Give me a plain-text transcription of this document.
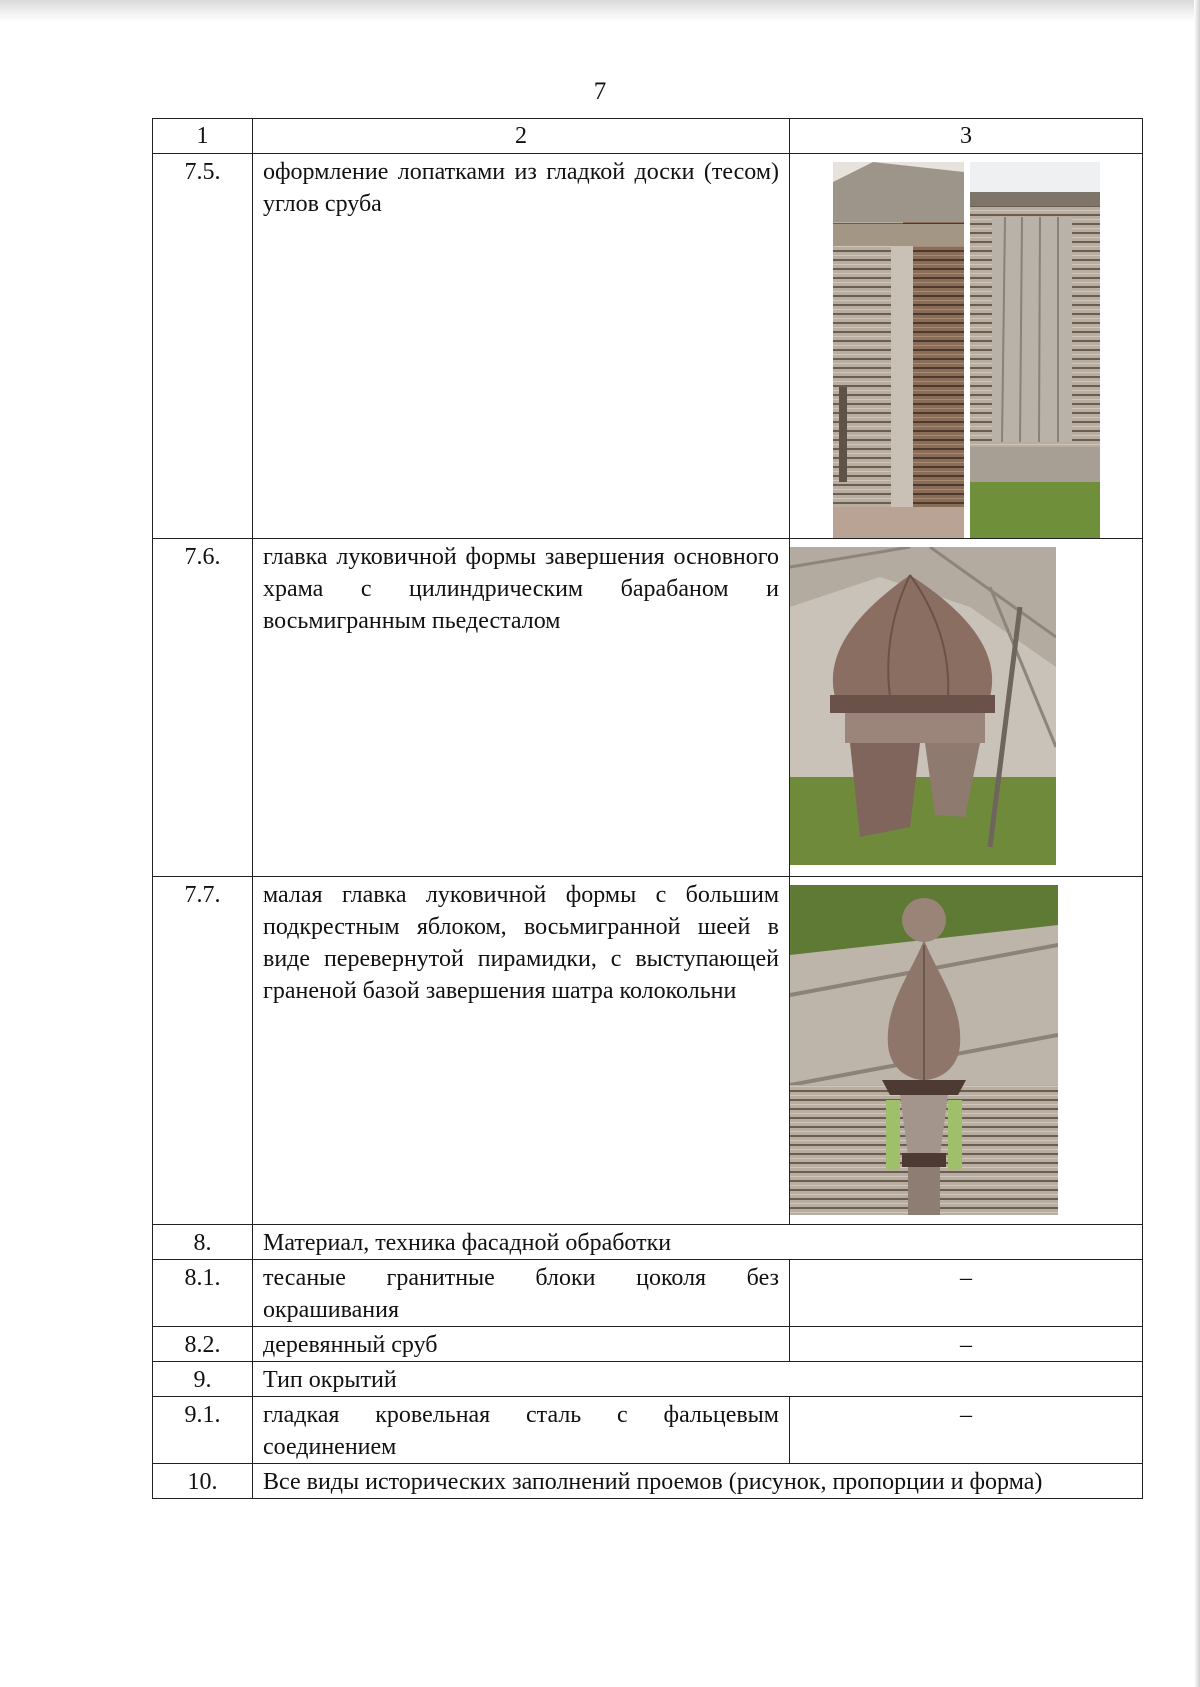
7
1	2	3
7.5.	оформление лопатками из гладкой доски (тесом) углов сруба	

7.6.	главка луковичной формы завершения основного храма с цилиндрическим барабаном и восьмигранным пьедесталом	

7.7.	малая главка луковичной формы с большим подкрестным яблоком, восьмигранной шеей в виде перевернутой пирамидки, с выступающей граненой базой завершения шатра колокольни	

8.	Материал, техника фасадной обработки	
8.1.	тесаные гранитные блоки цоколя без окрашивания	–
8.2.	деревянный сруб	–
9.	Тип окрытий	
9.1.	гладкая кровельная сталь с фальцевым соединением	–
10.	Все виды исторических заполнений проемов (рисунок, пропорции и форма)	
